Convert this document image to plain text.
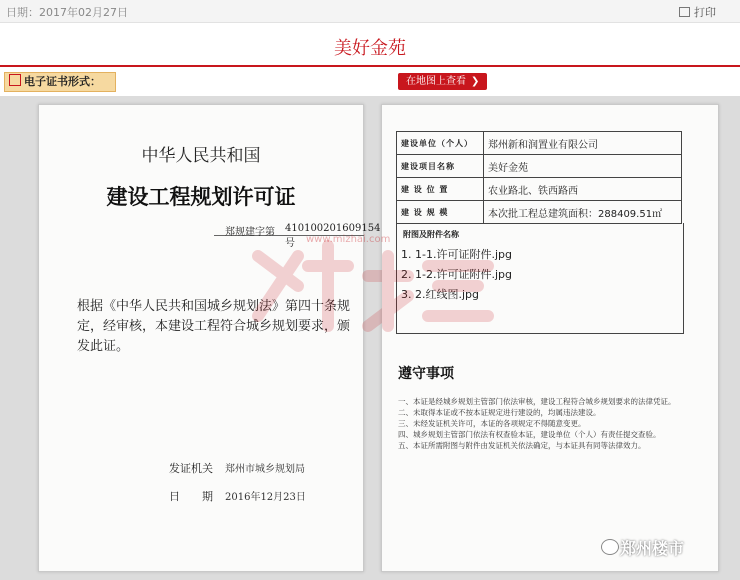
日期：2017年02月27日	打印
美好金苑
电子证书形式：	在地图上查看 ❯
中华人民共和国
建设工程规划许可证
郑规建字第 410100201609154号
根据《中华人民共和国城乡规划法》第四十条规定，经审核，本建设工程符合城乡规划要求，颁发此证。
发证机关 郑州市城乡规划局
日　　期 2016年12月23日
建设单位（个人）	郑州新和润置业有限公司
建设项目名称	美好金苑
建 设 位 置	农业路北、铁西路西
建 设 规 模	本次批工程总建筑面积：288409.51㎡
附图及附件名称
1. 1-1.许可证附件.jpg
2. 1-2.许可证附件.jpg
3. 2.红线图.jpg
遵守事项
一、本证是经城乡规划主管部门依法审核，建设工程符合城乡规划要求的法律凭证。
二、未取得本证或不按本证规定进行建设的，均属违法建设。
三、未经发证机关许可，本证的各项规定不得随意变更。
四、城乡规划主管部门依法有权查验本证，建设单位（个人）有责任提交查验。
五、本证所需附图与附件由发证机关依法确定，与本证具有同等法律效力。
www.mizhai.com
郑州楼市
